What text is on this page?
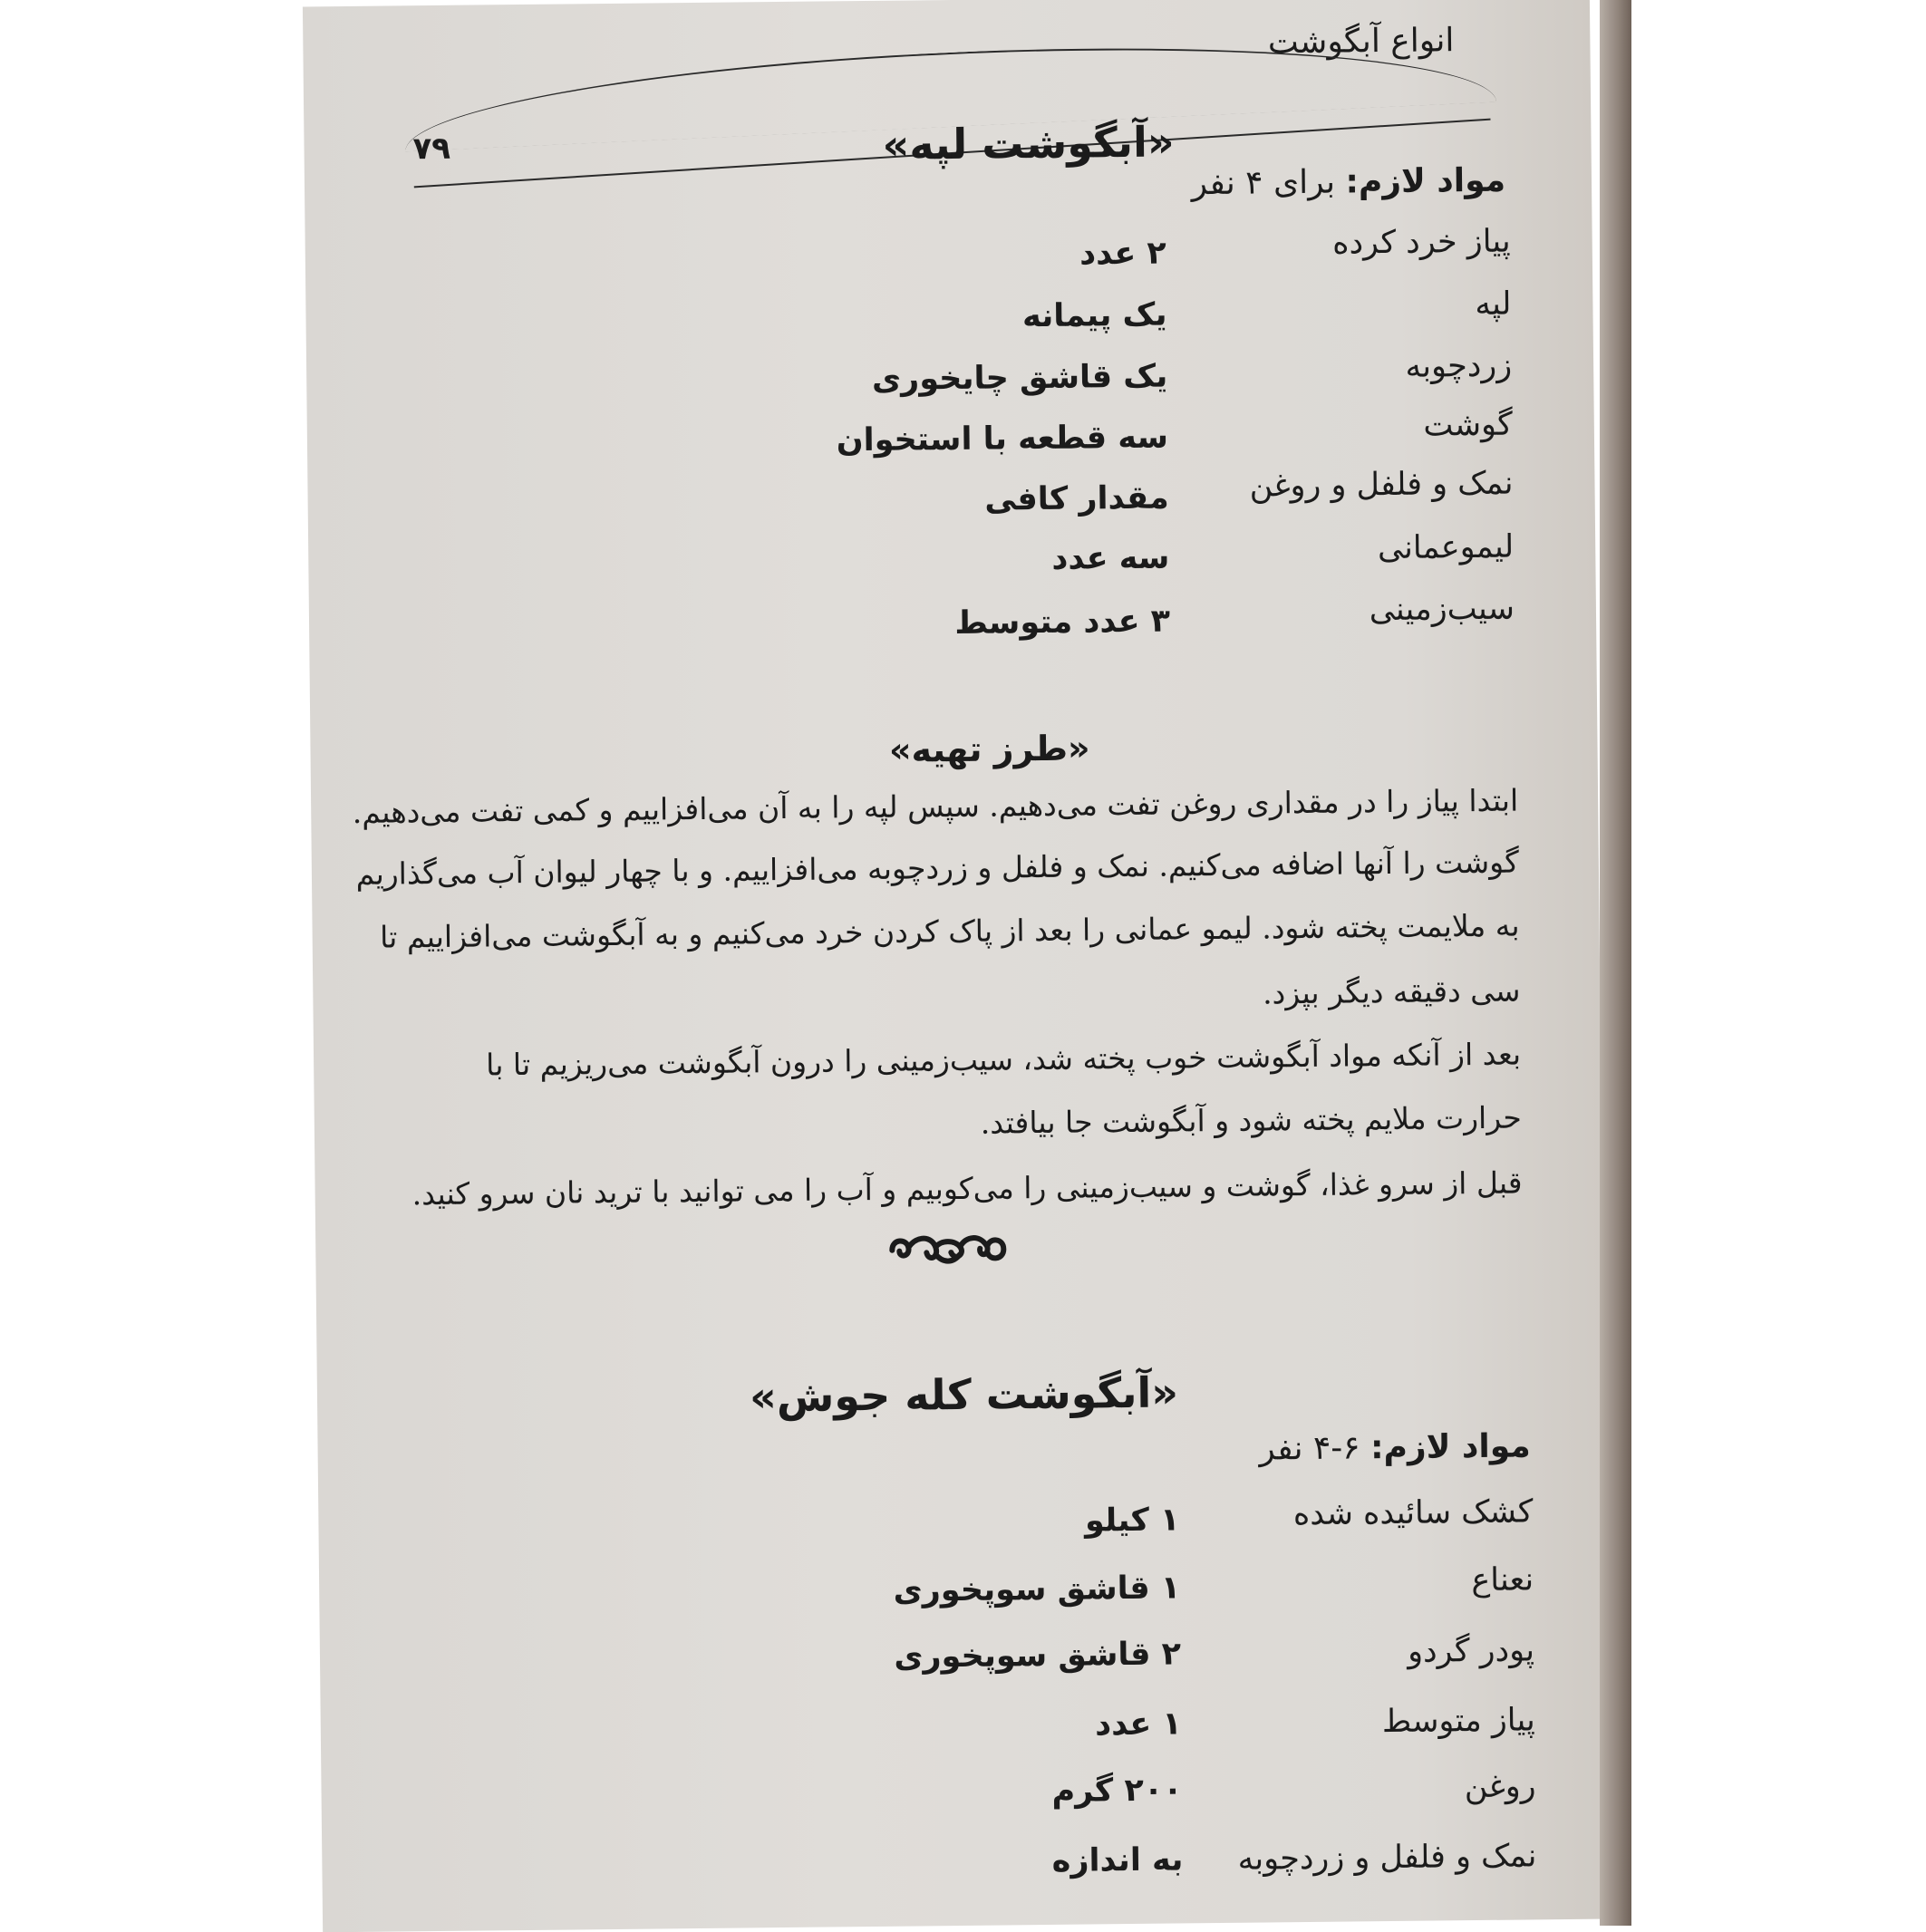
انواع آبگوشت
۷۹	«آبگوشت لپه»
مواد لازم: برای ۴ نفر
پیاز خرد کرده
۲ عدد
لپه
یک پیمانه
زردچوبه
یک قاشق چایخوری
گوشت
سه قطعه با استخوان
نمک و فلفل و روغن
مقدار کافی
لیموعمانی
سه عدد
سیب‌زمینی
۳ عدد متوسط
«طرز تهیه»
ابتدا پیاز را در مقداری روغن تفت می‌دهیم. سپس لپه را به آن می‌افزاییم و کمی تفت می‌دهیم.
گوشت را آنها اضافه می‌کنیم. نمک و فلفل و زردچوبه می‌افزاییم. و با چهار لیوان آب می‌گذاریم
به ملایمت پخته شود. لیمو عمانی را بعد از پاک کردن خرد می‌کنیم و به آبگوشت می‌افزاییم تا
سی دقیقه دیگر بپزد.
بعد از آنکه مواد آبگوشت خوب پخته شد، سیب‌زمینی را درون آبگوشت می‌ریزیم تا با
حرارت ملایم پخته شود و آبگوشت جا بیافتد.
قبل از سرو غذا، گوشت و سیب‌زمینی را می‌کوبیم و آب را می توانید با ترید نان سرو کنید.
«آبگوشت کله جوش»
مواد لازم: ۶-۴ نفر
کشک سائیده شده
۱ کیلو
نعناع
۱ قاشق سوپخوری
پودر گردو
۲ قاشق سوپخوری
پیاز متوسط
۱ عدد
روغن
۲۰۰ گرم
نمک و فلفل و زردچوبه
به اندازه
